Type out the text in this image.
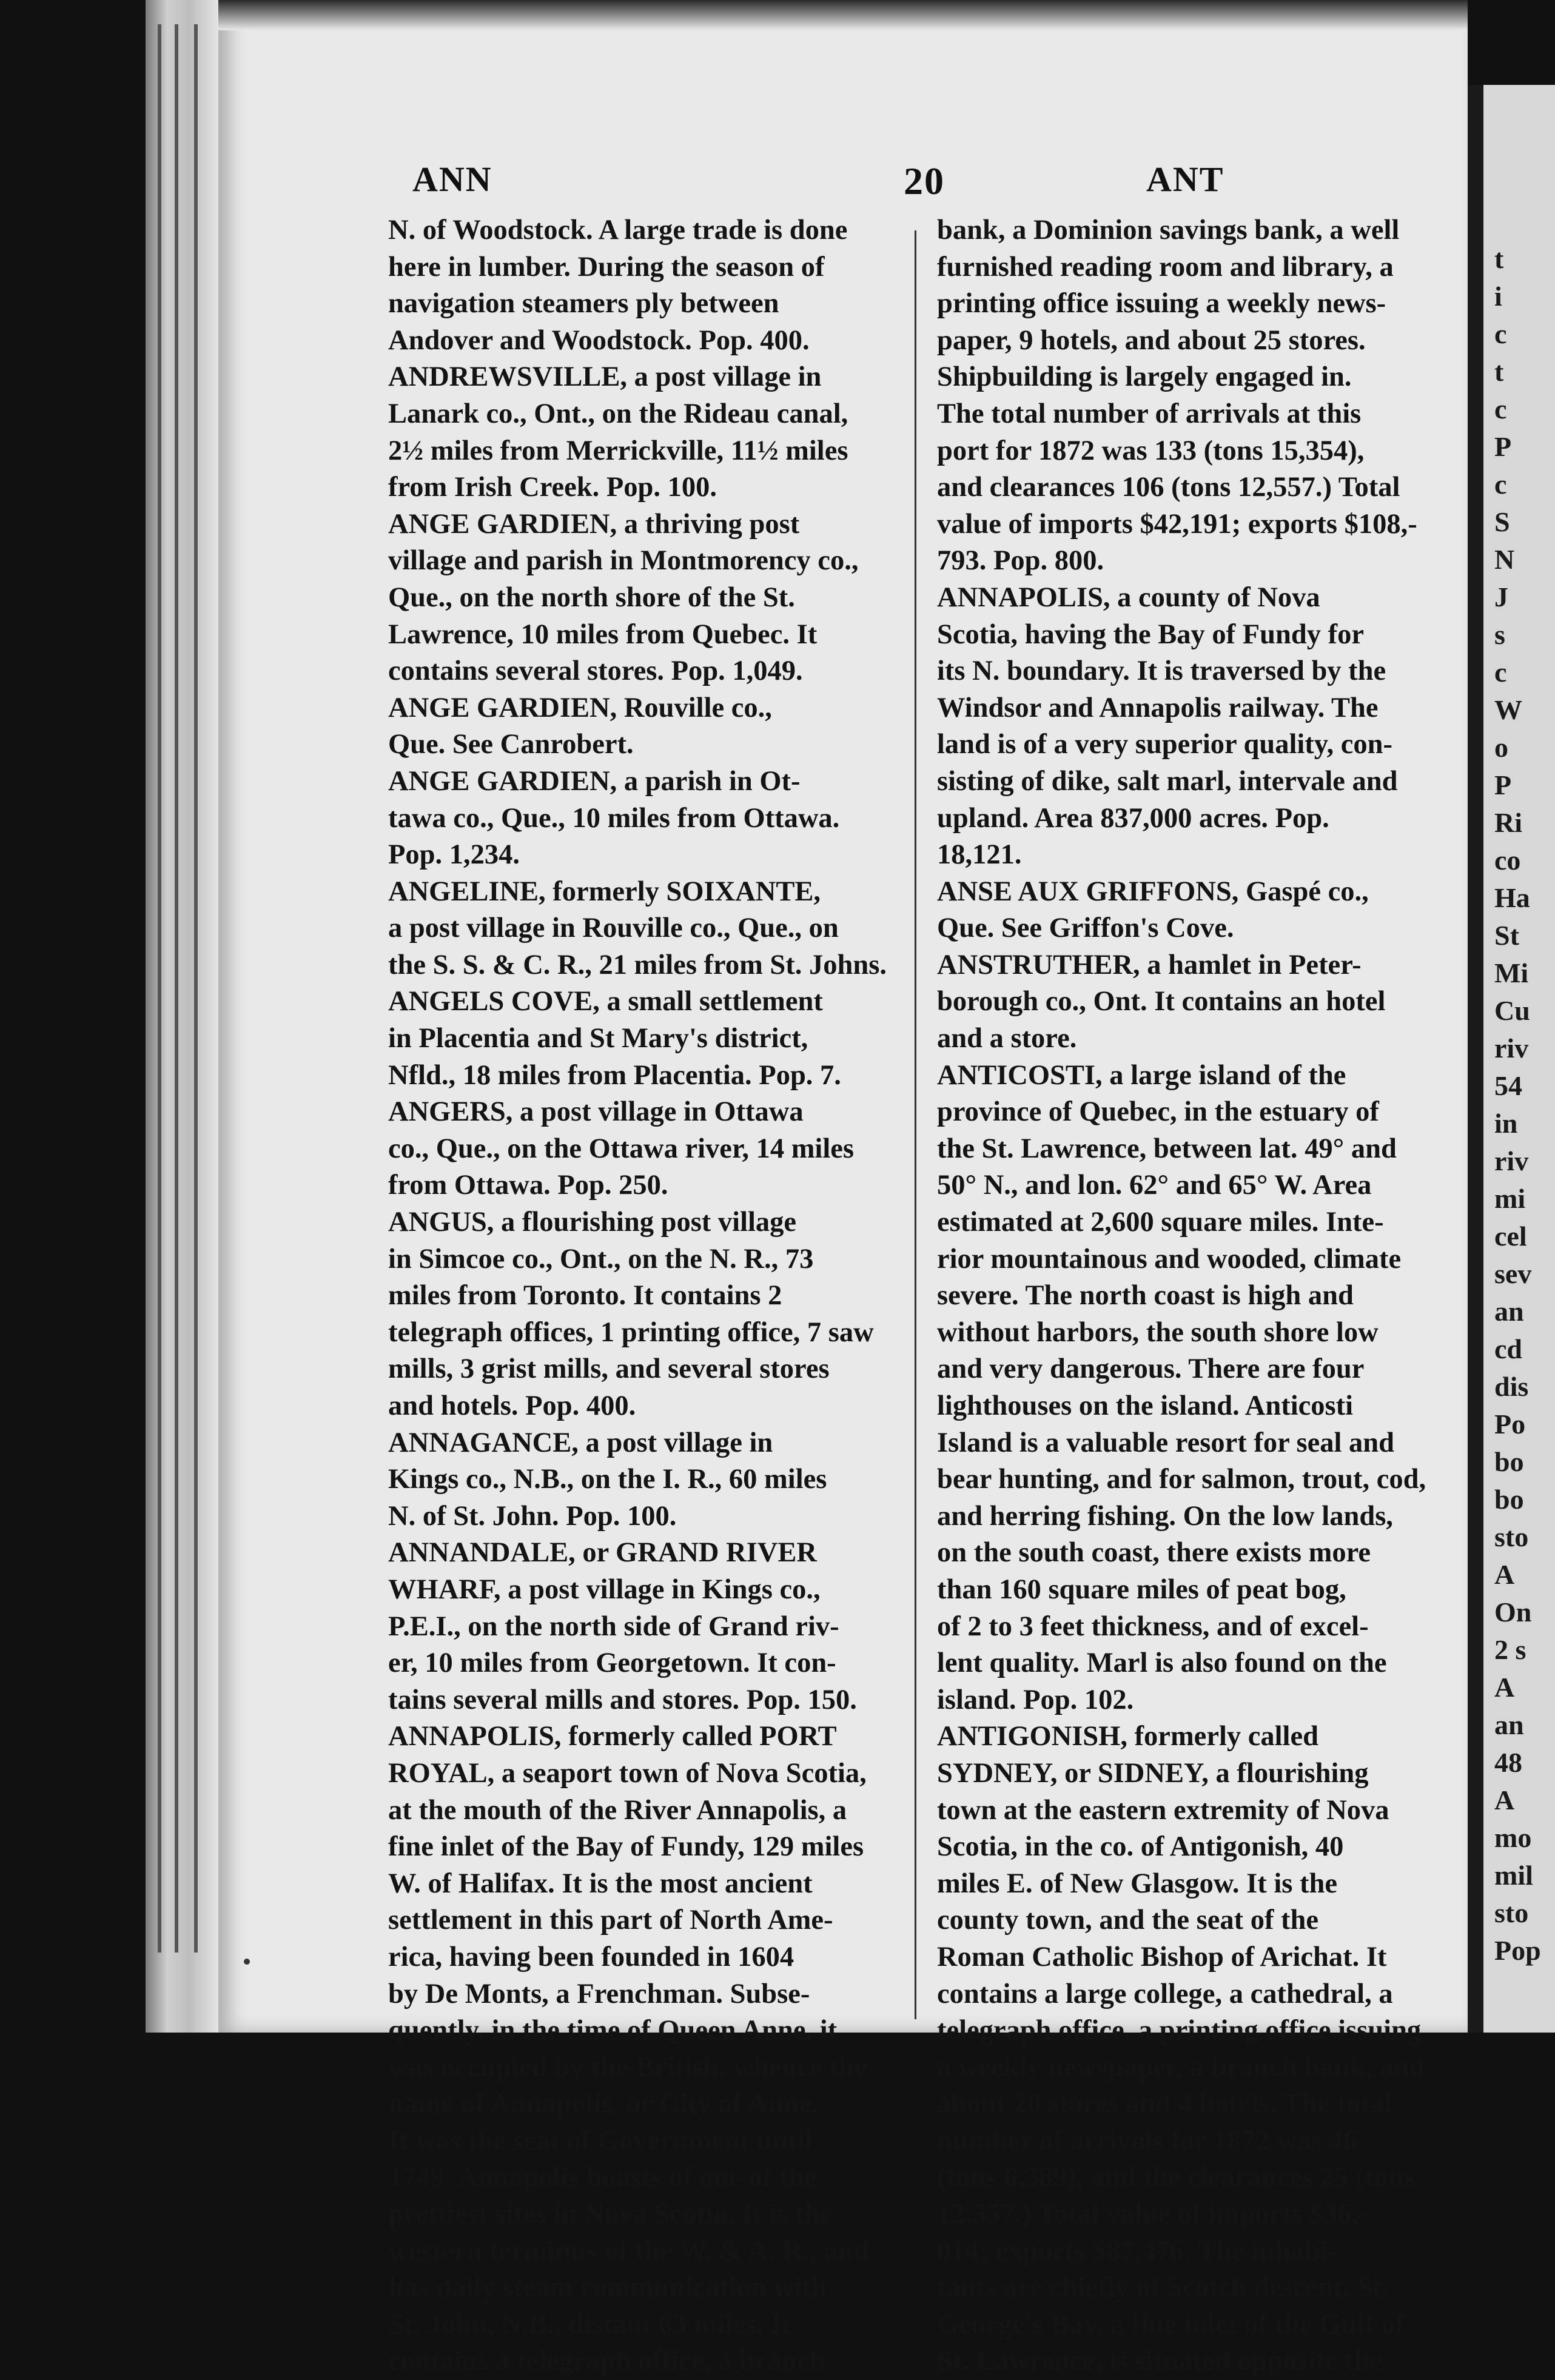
ANN	20	ANT
N. of Woodstock. A large trade is done
here in lumber. During the season of
navigation steamers ply between
Andover and Woodstock. Pop. 400.
ANDREWSVILLE, a post village in
Lanark co., Ont., on the Rideau canal,
2½ miles from Merrickville, 11½ miles
from Irish Creek. Pop. 100.
ANGE GARDIEN, a thriving post
village and parish in Montmorency co.,
Que., on the north shore of the St.
Lawrence, 10 miles from Quebec. It
contains several stores. Pop. 1,049.
ANGE GARDIEN, Rouville co.,
Que. See Canrobert.
ANGE GARDIEN, a parish in Ot-
tawa co., Que., 10 miles from Ottawa.
Pop. 1,234.
ANGELINE, formerly SOIXANTE,
a post village in Rouville co., Que., on
the S. S. & C. R., 21 miles from St. Johns.
ANGELS COVE, a small settlement
in Placentia and St Mary's district,
Nfld., 18 miles from Placentia. Pop. 7.
ANGERS, a post village in Ottawa
co., Que., on the Ottawa river, 14 miles
from Ottawa. Pop. 250.
ANGUS, a flourishing post village
in Simcoe co., Ont., on the N. R., 73
miles from Toronto. It contains 2
telegraph offices, 1 printing office, 7 saw
mills, 3 grist mills, and several stores
and hotels. Pop. 400.
ANNAGANCE, a post village in
Kings co., N.B., on the I. R., 60 miles
N. of St. John. Pop. 100.
ANNANDALE, or GRAND RIVER
WHARF, a post village in Kings co.,
P.E.I., on the north side of Grand riv-
er, 10 miles from Georgetown. It con-
tains several mills and stores. Pop. 150.
ANNAPOLIS, formerly called PORT
ROYAL, a seaport town of Nova Scotia,
at the mouth of the River Annapolis, a
fine inlet of the Bay of Fundy, 129 miles
W. of Halifax. It is the most ancient
settlement in this part of North Ame-
rica, having been founded in 1604
by De Monts, a Frenchman. Subse-
quently, in the time of Queen Anne, it
was occupied by the British, whence the
name of Annapolis, or City of Anne.
It was the seat of Government until
1749. Annapolis boasts of one of the
prettiest sites in Nova Scotia. It is the
western terminus of the W. & A. R., and
has daily steam communication with
St. John, N.B., distant 63 miles. It
contains a telegraph office, a branch
bank, a Dominion savings bank, a well
furnished reading room and library, a
printing office issuing a weekly news-
paper, 9 hotels, and about 25 stores.
Shipbuilding is largely engaged in.
The total number of arrivals at this
port for 1872 was 133 (tons 15,354),
and clearances 106 (tons 12,557.) Total
value of imports $42,191; exports $108,-
793. Pop. 800.
ANNAPOLIS, a county of Nova
Scotia, having the Bay of Fundy for
its N. boundary. It is traversed by the
Windsor and Annapolis railway. The
land is of a very superior quality, con-
sisting of dike, salt marl, intervale and
upland. Area 837,000 acres. Pop.
18,121.
ANSE AUX GRIFFONS, Gaspé co.,
Que. See Griffon's Cove.
ANSTRUTHER, a hamlet in Peter-
borough co., Ont. It contains an hotel
and a store.
ANTICOSTI, a large island of the
province of Quebec, in the estuary of
the St. Lawrence, between lat. 49° and
50° N., and lon. 62° and 65° W. Area
estimated at 2,600 square miles. Inte-
rior mountainous and wooded, climate
severe. The north coast is high and
without harbors, the south shore low
and very dangerous. There are four
lighthouses on the island. Anticosti
Island is a valuable resort for seal and
bear hunting, and for salmon, trout, cod,
and herring fishing. On the low lands,
on the south coast, there exists more
than 160 square miles of peat bog,
of 2 to 3 feet thickness, and of excel-
lent quality. Marl is also found on the
island. Pop. 102.
ANTIGONISH, formerly called
SYDNEY, or SIDNEY, a flourishing
town at the eastern extremity of Nova
Scotia, in the co. of Antigonish, 40
miles E. of New Glasgow. It is the
county town, and the seat of the
Roman Catholic Bishop of Arichat. It
contains a large college, a cathedral, a
telegraph office, a printing office issuing
a weekly newspaper, a branch bank, and
about 20 stores and 4 hotels. The total
number of arrivals for 1872 was 46
(tons 6,389), and the clearances 25 (tons
12,557.) Total value of imports $36,-
014; exports $87,476. The inhabi-
tants are chiefly of Scotch descent. St.
George's Bay, a fine inlet of the Gulf of
St. Lawrence, is situated opposite the
t
i
c
t
c
P
c
S
N
J
s
c
W
o
P
Ri
co
Ha
St
Mi
Cu
riv
54
in
riv
mi
cel
sev
an
cd
dis
Po
bo
bo
sto
A
On
2 s
A
an
48
A
mo
mil
sto
Pop
